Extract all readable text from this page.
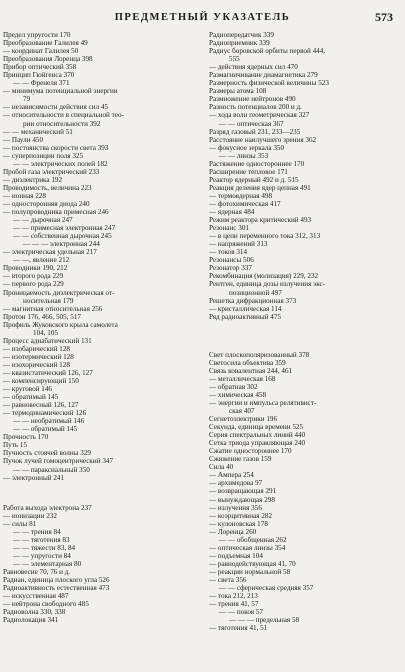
ПРЕДМЕТНЫЙ УКАЗАТЕЛЬ	573
Предел упругости 170
Преобразование Галилея 49
— координат Галилея 50
Преобразования Лоренца 398
Прибор оптический 358
Принцип Гюйгенса 370
— — Френеля 371
— минимума потенциальной энергии
79
— независимости действия сил 45
— относительности в специальной тео-
рии относительности 392
— — механический 51
— Паули 450
— постоянства скорости света 393
— суперпозиции поля 325
— — электрических полей 182
Пробой газа электрический 233
— диэлектрика 192
Проводимость, величина 223
— ионная 228
— односторонняя диода 240
— полупроводника примесная 246
— — дырочная 247
— — примесная электронная 247
— — собственная дырочная 245
— — — электронная 244
— электрическая удельная 217
— —, явление 212
Проводники 190, 212
— второго рода 229
— первого рода 229
Проницаемость диэлектрическая от-
носительная 179
— магнитная относительная 256
Протон 176, 466, 505, 517
Профиль Жуковского крыла самолета
104, 105
Процесс адиабатический 131
— изобарический 128
— изотермический 128
— изохорический 128
— квазистатический 126, 127
— компенсирующий 150
— круговой 146
— обратимый 145
— равновесный 126, 127
— термодинамический 126
— — необратимый 146
— — обратимый 145
Прочность 170
Путь 15
Пучность стоячей волны 329
Пучок лучей гомоцентрический 347
— — параксиальный 350
— электронный 241
Работа выхода электрона 237
— ионизации 232
— силы 81
— — трения 84
— — тяготения 83
— — тяжести 83, 84
— — упругости 84
— — элементарная 80
Равновесие 70, 76 и д.
Радиан, единица плоского угла 526
Радиоактивность естественная 473
— искусственная 487
— нейтрона свободного 485
Радиоволна 330, 338
Радиолокация 341
Радиопередатчик 339
Радиоприемник 339
Радиус боровской орбиты первой 444,
555
— действия ядерных сил 470
Размагничивание диамагнетика 279
Размерность физической величины 523
Размеры атома 108
Размножение нейтронов 490
Разность потенциалов 200 и д.
— хода волн геометрическая 327
— — оптическая 367
Разряд газовый 231, 233—235
Расстояние наилучшего зрения 362
— фокусное зеркала 350
— — линзы 353
Растяжение одностороннее 170
Расширение тепловое 171
Реактор ядерный 492 и д. 515
Реакция деления ядер цепная 491
— термоядерная 498
— фотохимическая 417
— ядерная 484
Режим реактора критический 493
Резонанс 301
— в цепи переменного тока 312, 313
— напряжений 313
— токов 314
Резонансы 506
Резонатор 337
Рекомбинация (молизация) 229, 232
Рентген, единица дозы излучения экс-
позиционной 497
Решетка дифракционная 373
— кристаллическая 114
Ряд радиоактивный 475
Свет плоскополяризованный 378
Светосила объектива 359
Связь ковалентная 244, 461
— металлическая 168
— обратная 302
— химическая 458
— энергии и импульса релятивист-
ская 407
Сегнетоэлектрики 196
Секунда, единица времени 525
Серия спектральных линий 440
Сетка триода управляющая 240
Сжатие одностороннее 170
Сжижение газов 159
Сила 40
— Ампера 254
— архимедова 97
— возвращающая 291
— вынуждающая 298
— излучения 356
— коэрцитивная 282
— кулоновская 178
— Лоренца 260
— — обобщенная 262
— оптическая линзы 354
— подъемная 104
— равнодействующая 41, 70
— реакции нормальной 58
— света 356
— — сферическая средняя 357
— тока 212, 213
— трения 41, 57
— — покоя 57
— — — предельная 58
— тяготения 41, 51
